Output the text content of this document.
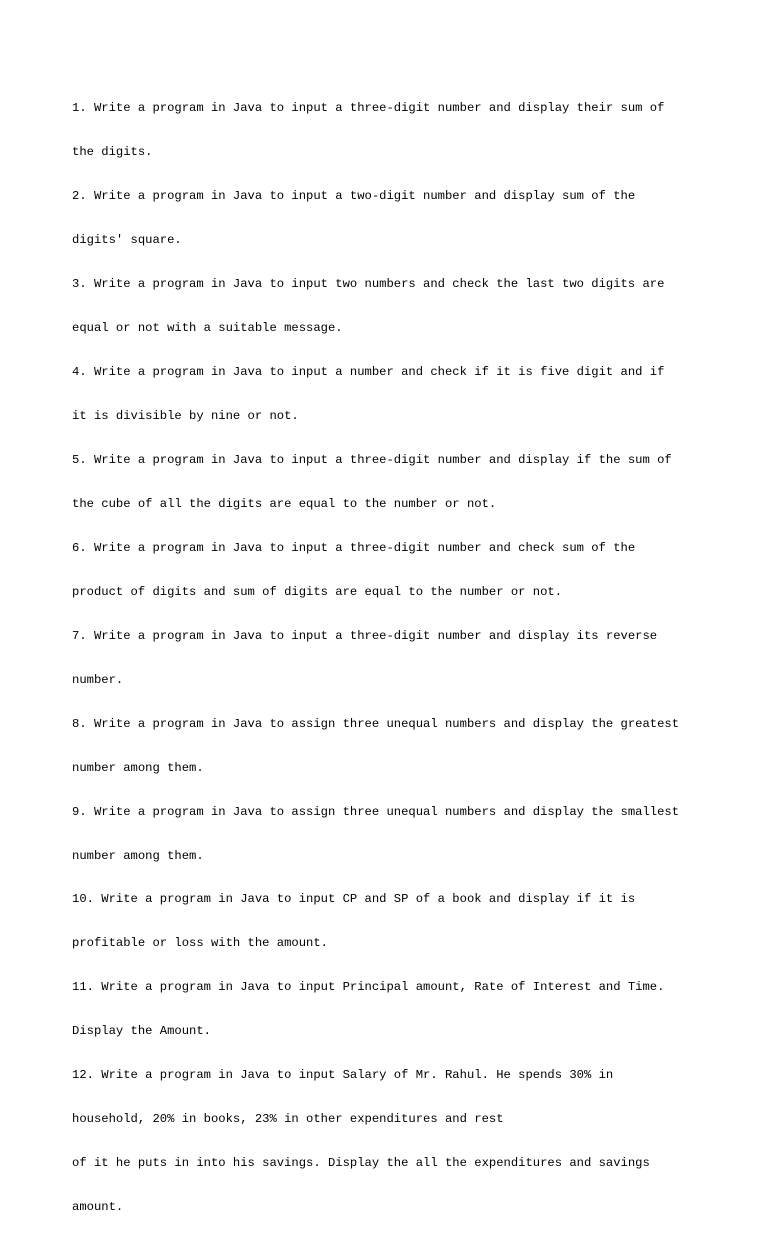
1. Write a program in Java to input a three-digit number and display their sum of

the digits.

2. Write a program in Java to input a two-digit number and display sum of the

digits' square.

3. Write a program in Java to input two numbers and check the last two digits are

equal or not with a suitable message.

4. Write a program in Java to input a number and check if it is five digit and if

it is divisible by nine or not.

5. Write a program in Java to input a three-digit number and display if the sum of

the cube of all the digits are equal to the number or not.

6. Write a program in Java to input a three-digit number and check sum of the

product of digits and sum of digits are equal to the number or not.

7. Write a program in Java to input a three-digit number and display its reverse

number.

8. Write a program in Java to assign three unequal numbers and display the greatest

number among them.

9. Write a program in Java to assign three unequal numbers and display the smallest

number among them.

10. Write a program in Java to input CP and SP of a book and display if it is

profitable or loss with the amount.

11. Write a program in Java to input Principal amount, Rate of Interest and Time.

Display the Amount.

12. Write a program in Java to input Salary of Mr. Rahul. He spends 30% in

household, 20% in books, 23% in other expenditures and rest

of it he puts in into his savings. Display the all the expenditures and savings

amount.
